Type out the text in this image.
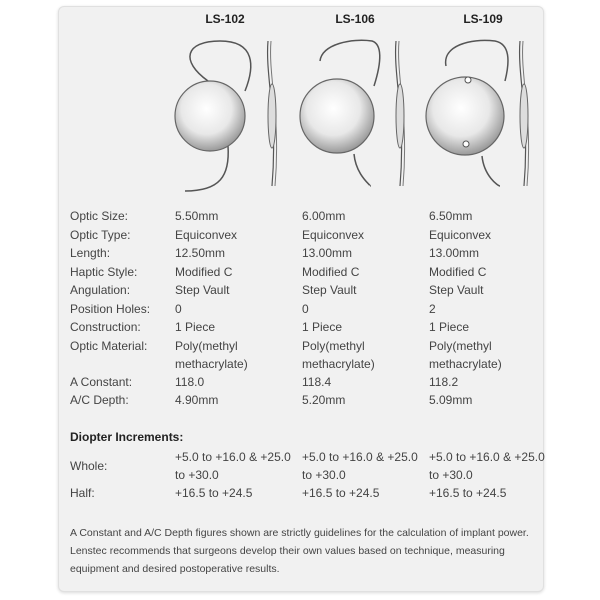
LS-102	LS-106	LS-109
Optic Size:	5.50mm	6.00mm	6.50mm
Optic Type:	Equiconvex	Equiconvex	Equiconvex
Length:	12.50mm	13.00mm	13.00mm
Haptic Style:	Modified C	Modified C	Modified C
Angulation:	Step Vault	Step Vault	Step Vault
Position Holes:	0	0	2
Construction:	1 Piece	1 Piece	1 Piece
Optic Material:	Poly(methyl methacrylate)	Poly(methyl methacrylate)	Poly(methyl methacrylate)
A Constant:	118.0	118.4	118.2
A/C Depth:	4.90mm	5.20mm	5.09mm
Diopter Increments:
Whole:	+5.0 to +16.0 & +25.0 to +30.0	+5.0 to +16.0 & +25.0 to +30.0	+5.0 to +16.0 & +25.0 to +30.0
Half:	+16.5 to +24.5	+16.5 to +24.5	+16.5 to +24.5
A Constant and A/C Depth figures shown are strictly guidelines for the calculation of implant power. Lenstec recommends that surgeons develop their own values based on technique, measuring equipment and desired postoperative results.
